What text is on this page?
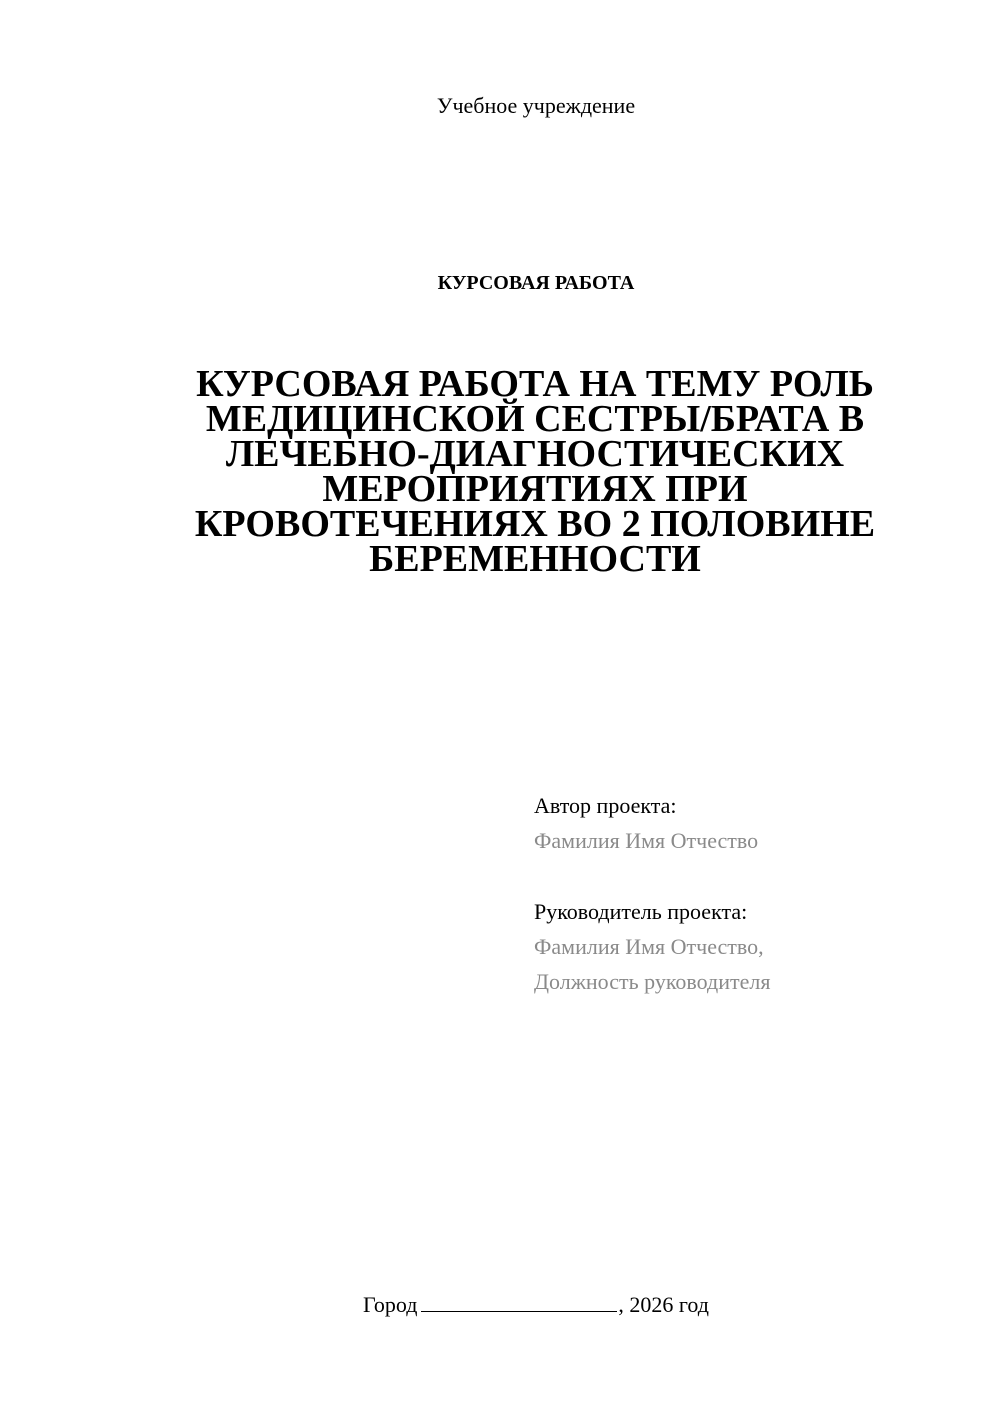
Учебное учреждение
КУРСОВАЯ РАБОТА
КУРСОВАЯ РАБОТА НА ТЕМУ РОЛЬ МЕДИЦИНСКОЙ СЕСТРЫ/БРАТА В ЛЕЧЕБНО-ДИАГНОСТИЧЕСКИХ МЕРОПРИЯТИЯХ ПРИ КРОВОТЕЧЕНИЯХ ВО 2 ПОЛОВИНЕ БЕРЕМЕННОСТИ
Автор проекта:
Фамилия Имя Отчество
Руководитель проекта:
Фамилия Имя Отчество,
Должность руководителя
Город	, 2026 год
